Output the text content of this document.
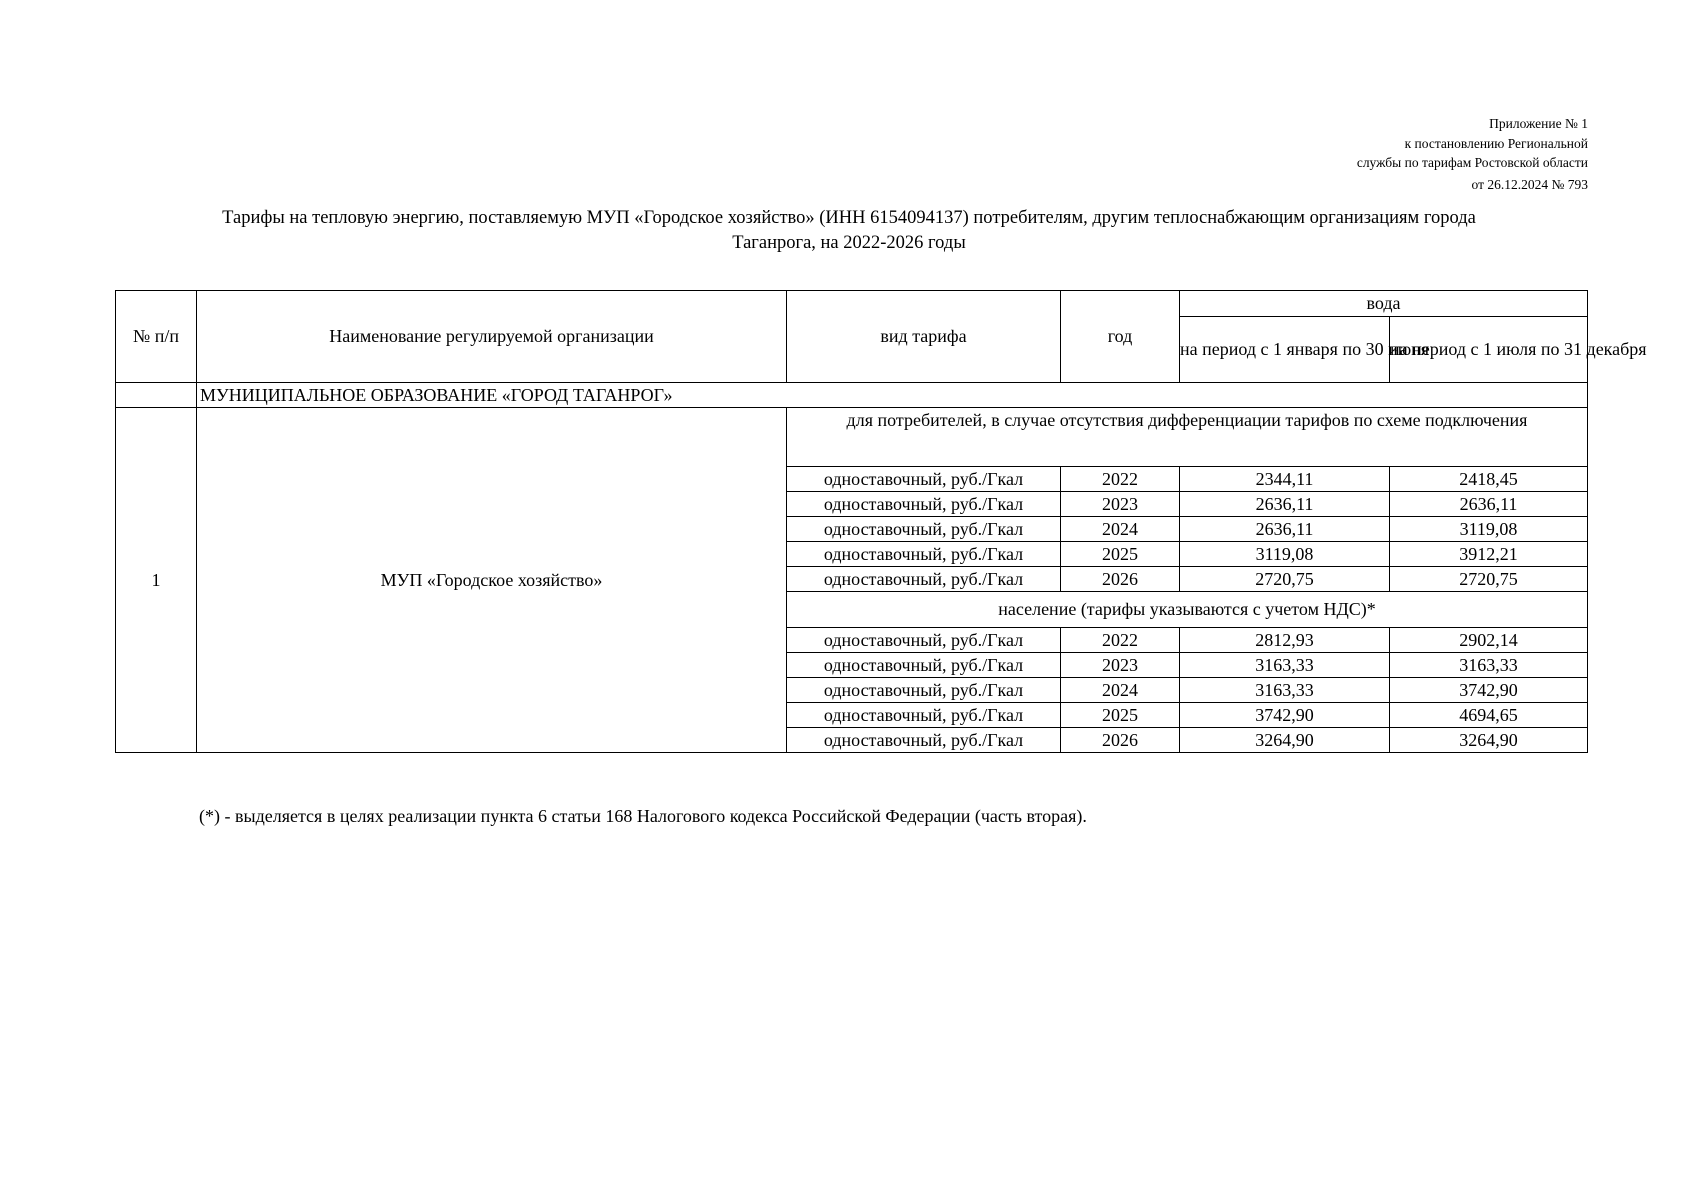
Приложение № 1
к постановлению Региональной
службы по тарифам Ростовской области
от 26.12.2024 № 793
Тарифы на тепловую энергию, поставляемую МУП «Городское хозяйство» (ИНН 6154094137) потребителям, другим теплоснабжающим организациям города
Таганрога, на 2022-2026 годы
№ п/п	Наименование регулируемой организации	вид тарифа	год	вода	
				на период с 1 января по 30 июня	на период с 1 июля по 31 декабря
	МУНИЦИПАЛЬНОЕ ОБРАЗОВАНИЕ «ГОРОД ТАГАНРОГ»				
1	МУП «Городское хозяйство»	для потребителей, в случае отсутствия дифференциации тарифов по схеме подключения			
		одноставочный, руб./Гкал	2022	2344,11	2418,45
		одноставочный, руб./Гкал	2023	2636,11	2636,11
		одноставочный, руб./Гкал	2024	2636,11	3119,08
		одноставочный, руб./Гкал	2025	3119,08	3912,21
		одноставочный, руб./Гкал	2026	2720,75	2720,75
		население (тарифы указываются с учетом НДС)*			
		одноставочный, руб./Гкал	2022	2812,93	2902,14
		одноставочный, руб./Гкал	2023	3163,33	3163,33
		одноставочный, руб./Гкал	2024	3163,33	3742,90
		одноставочный, руб./Гкал	2025	3742,90	4694,65
		одноставочный, руб./Гкал	2026	3264,90	3264,90
(*) - выделяется в целях реализации пункта 6 статьи 168 Налогового кодекса Российской Федерации (часть вторая).
